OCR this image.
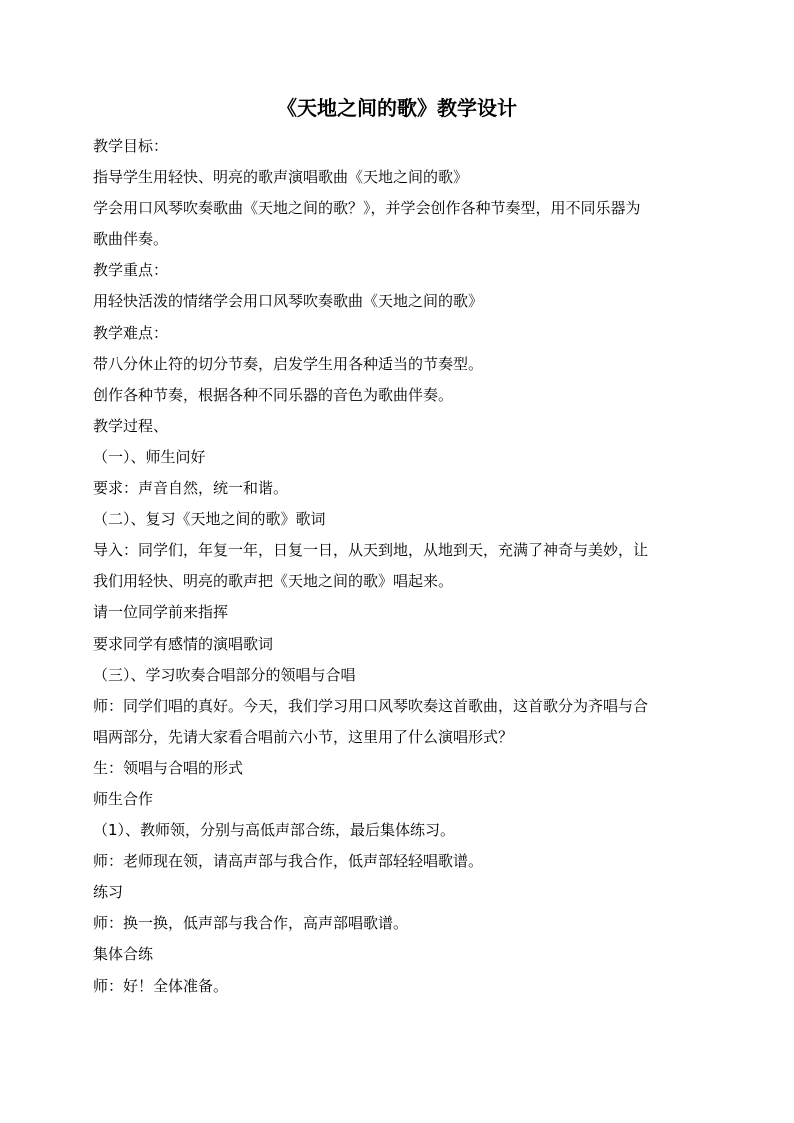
《天地之间的歌》教学设计
教学目标：
指导学生用轻快、明亮的歌声演唱歌曲《天地之间的歌》
学会用口风琴吹奏歌曲《天地之间的歌？》，并学会创作各种节奏型，用不同乐器为
歌曲伴奏。
教学重点：
用轻快活泼的情绪学会用口风琴吹奏歌曲《天地之间的歌》
教学难点：
带八分休止符的切分节奏，启发学生用各种适当的节奏型。
创作各种节奏，根据各种不同乐器的音色为歌曲伴奏。
教学过程、
（一）、师生问好
要求：声音自然，统一和谐。
（二）、复习《天地之间的歌》歌词
导入：同学们，年复一年，日复一日，从天到地，从地到天，充满了神奇与美妙，让
我们用轻快、明亮的歌声把《天地之间的歌》唱起来。
请一位同学前来指挥
要求同学有感情的演唱歌词
（三）、学习吹奏合唱部分的领唱与合唱
师：同学们唱的真好。今天，我们学习用口风琴吹奏这首歌曲，这首歌分为齐唱与合
唱两部分，先请大家看合唱前六小节，这里用了什么演唱形式？
生：领唱与合唱的形式
师生合作
（1）、教师领，分别与高低声部合练，最后集体练习。
师：老师现在领，请高声部与我合作，低声部轻轻唱歌谱。
练习
师：换一换，低声部与我合作，高声部唱歌谱。
集体合练
师：好！全体准备。
